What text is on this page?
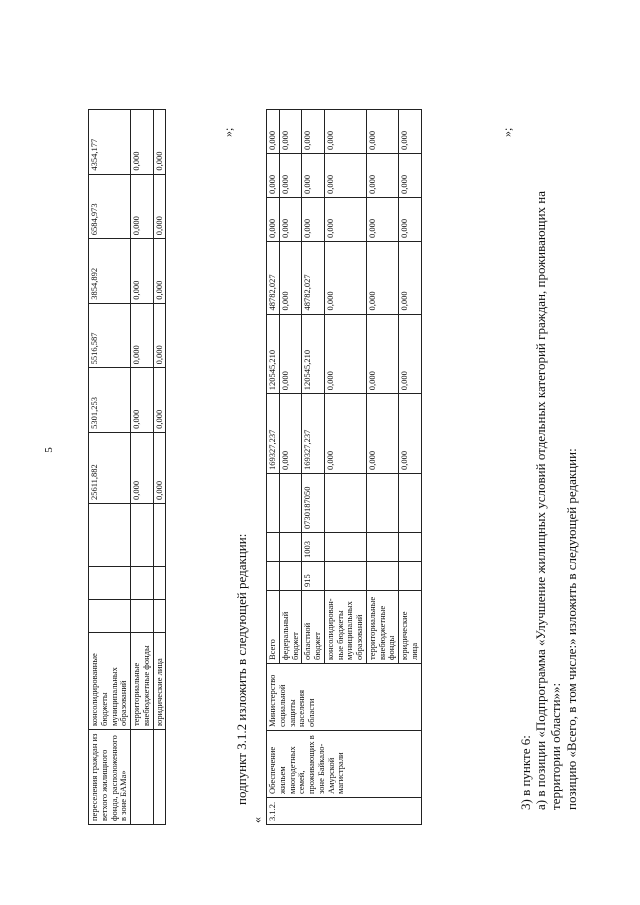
5
переселения граждан из ветхого жилищного фонда, расположенного в зоне БАМа»	консолидированные бюджеты муниципальных образований				25611,882	5301,253	5516,587	3854,892	6584,973	4354,177
	территориальные внебюджетные фонды				0,000	0,000	0,000	0,000	0,000	0,000
	юридические лица				0,000	0,000	0,000	0,000	0,000	0,000
»;
подпункт 3.1.2 изложить в следующей редакции:
« 3.1.2.	Обеспечение жильем многодетных семей, проживающих в зоне Байкало-Амурской магистрали	Министерство социальной защиты населения области	Всего				169327,237	120545,210	48782,027	0,000	0,000	0,000
			федеральный бюджет				0,000	0,000	0,000	0,000	0,000	0,000
			областной бюджет	915	1003	0730187050	169327,237	120545,210	48782,027	0,000	0,000	0,000
			консолидированные бюджеты муниципальных образований				0,000	0,000	0,000	0,000	0,000	0,000
			территориальные внебюджетные фонды				0,000	0,000	0,000	0,000	0,000	0,000
			юридические лица				0,000	0,000	0,000	0,000	0,000	0,000	»;
3) в пункте 6: а) в позиции «Подпрограмма «Улучшение жилищных условий отдельных категорий граждан, проживающих на территории области»»: позицию «Всего, в том числе:» изложить в следующей редакции:
